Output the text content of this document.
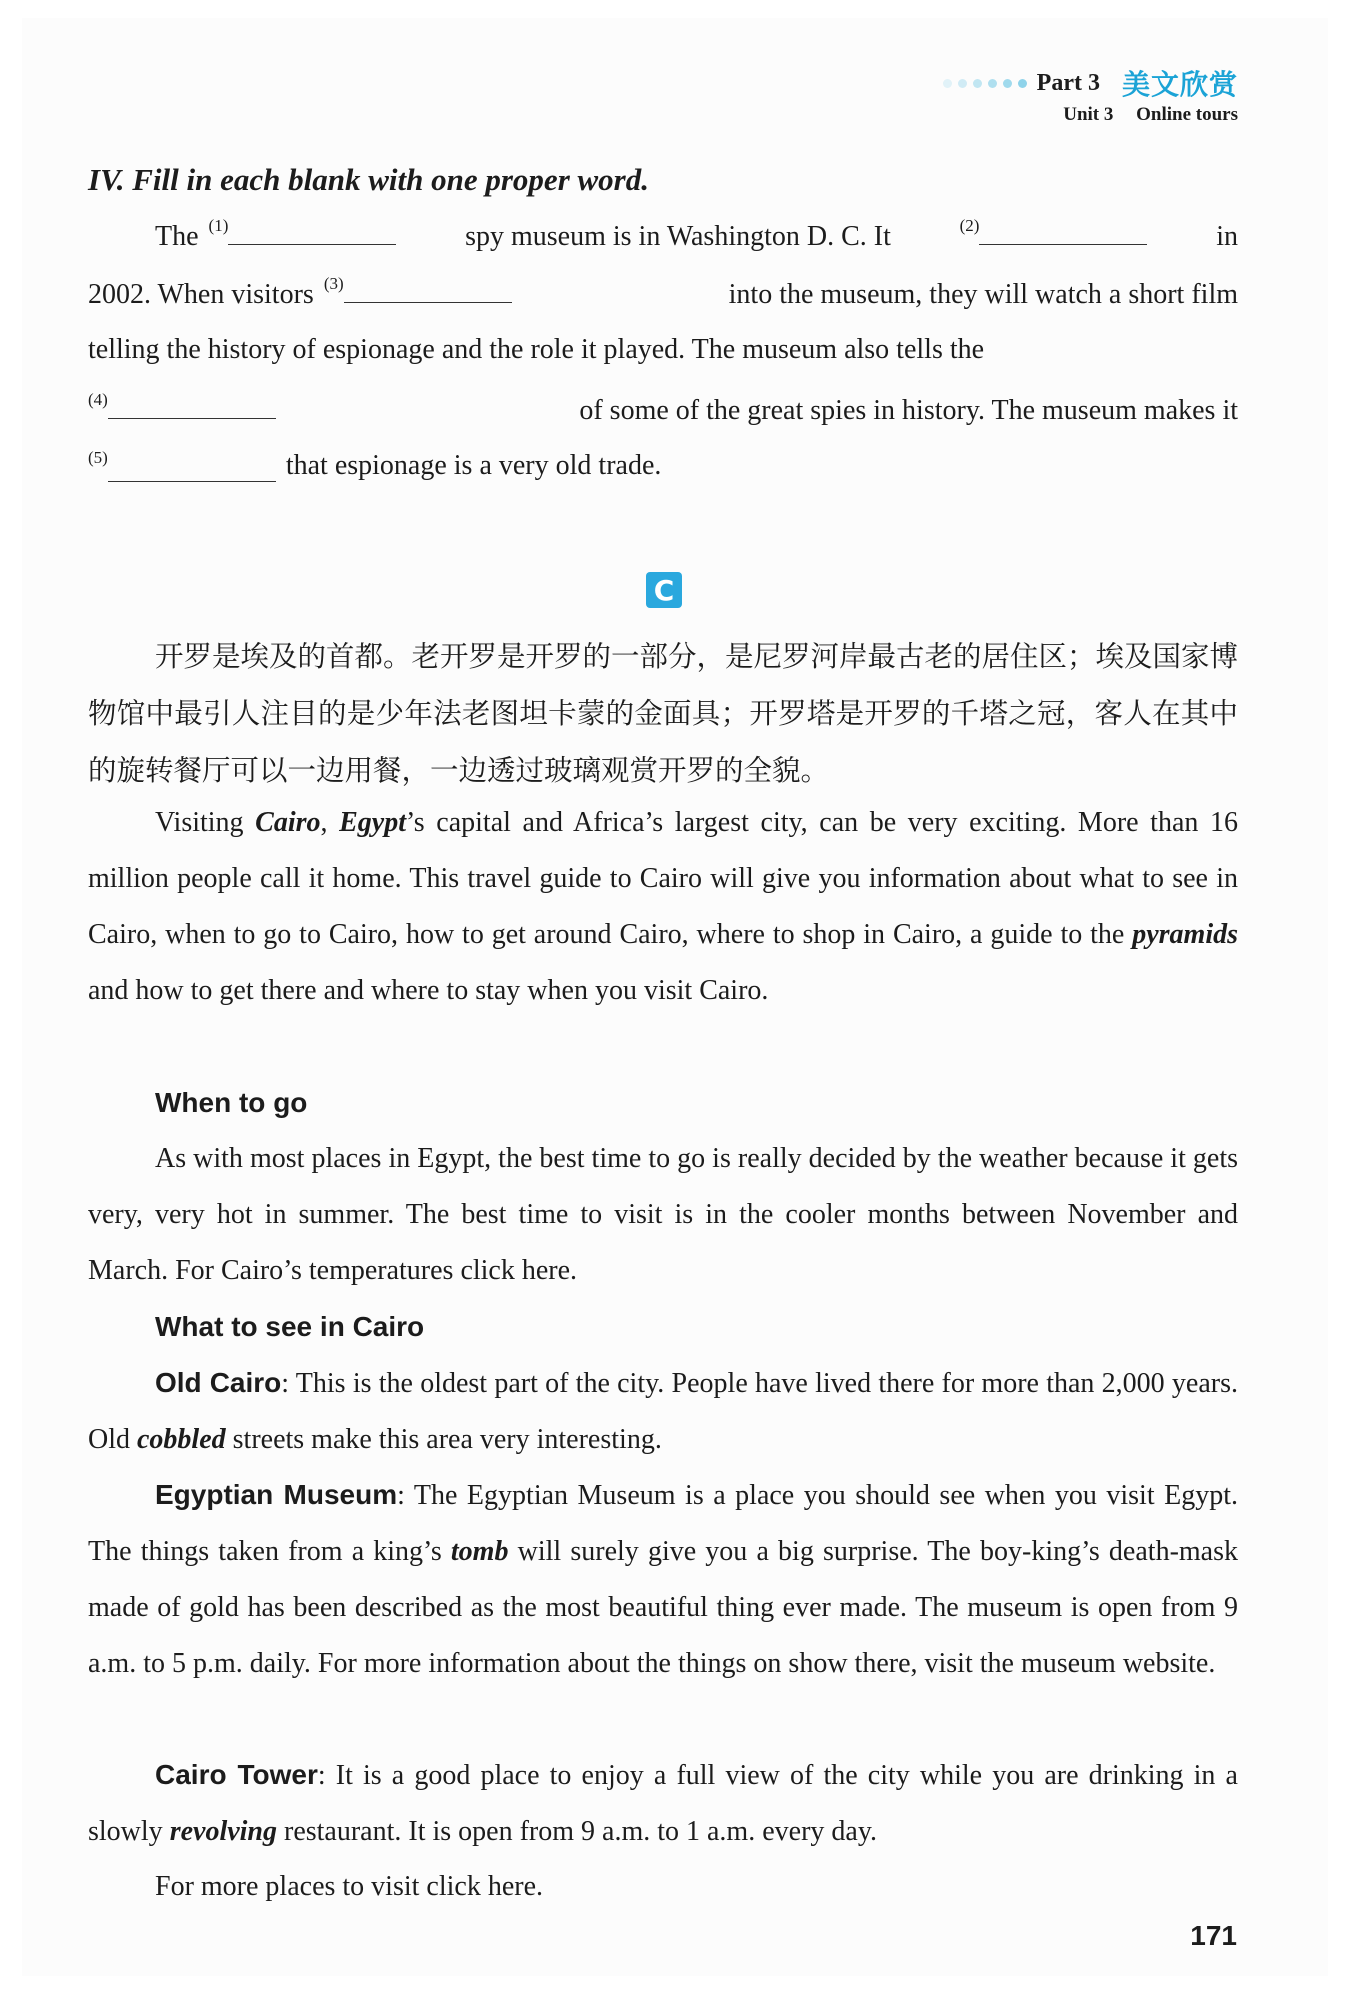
Part 3 美文欣赏
Unit 3 Online tours
IV. Fill in each blank with one proper word.
The $^{(1)}$	spy museum is in Washington D. C. It	$^{(2)}$	in
2002. When visitors $^{(3)}$	into the museum, they will watch a short film
telling the history of espionage and the role it played. The museum also tells the
$^{(4)}$	of some of the great spies in history. The museum makes it
(5)	that espionage is a very old trade.
C
开罗是埃及的首都。老开罗是开罗的一部分，是尼罗河岸最古老的居住区；埃及国家博物馆中最引人注目的是少年法老图坦卡蒙的金面具；开罗塔是开罗的千塔之冠，客人在其中的旋转餐厅可以一边用餐，一边透过玻璃观赏开罗的全貌。
Visiting Cairo, Egypt’s capital and Africa’s largest city, can be very exciting. More than 16 million people call it home. This travel guide to Cairo will give you information about what to see in Cairo, when to go to Cairo, how to get around Cairo, where to shop in Cairo, a guide to the pyramids and how to get there and where to stay when you visit Cairo.
When to go
As with most places in Egypt, the best time to go is really decided by the weather because it gets very, very hot in summer. The best time to visit is in the cooler months between November and March. For Cairo’s temperatures click here.
What to see in Cairo
Old Cairo: This is the oldest part of the city. People have lived there for more than 2,000 years. Old cobbled streets make this area very interesting.
Egyptian Museum: The Egyptian Museum is a place you should see when you visit Egypt. The things taken from a king’s tomb will surely give you a big surprise. The boy-king’s death-mask made of gold has been described as the most beautiful thing ever made. The museum is open from 9 a.m. to 5 p.m. daily. For more information about the things on show there, visit the museum website.
Cairo Tower: It is a good place to enjoy a full view of the city while you are drinking in a slowly revolving restaurant. It is open from 9 a.m. to 1 a.m. every day.
For more places to visit click here.
171
